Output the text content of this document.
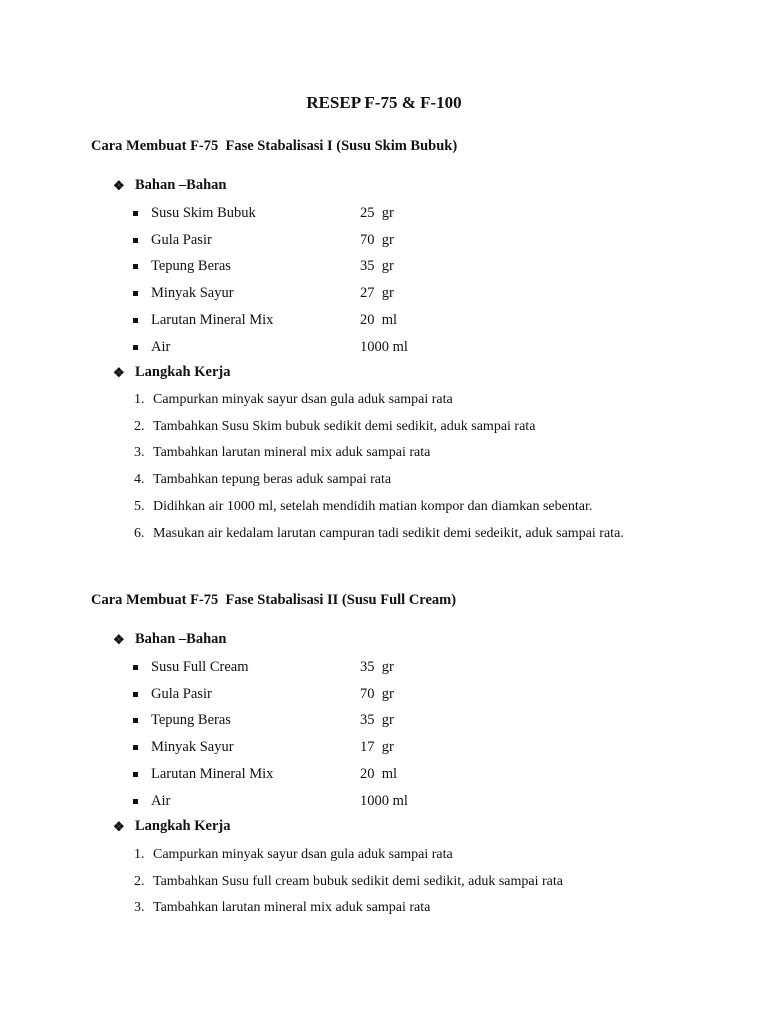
RESEP F-75 & F-100
Cara Membuat F-75  Fase Stabalisasi I (Susu Skim Bubuk)
❖ Bahan –Bahan
Susu Skim Bubuk	25  gr
Gula Pasir	70  gr
Tepung Beras	35  gr
Minyak Sayur	27  gr
Larutan Mineral Mix	20  ml
Air	1000 ml
❖ Langkah Kerja
1. Campurkan minyak sayur dsan gula aduk sampai rata
2. Tambahkan Susu Skim bubuk sedikit demi sedikit, aduk sampai rata
3. Tambahkan larutan mineral mix aduk sampai rata
4. Tambahkan tepung beras aduk sampai rata
5. Didihkan air 1000 ml, setelah mendidih matian kompor dan diamkan sebentar.
6. Masukan air kedalam larutan campuran tadi sedikit demi sedeikit, aduk sampai rata.
Cara Membuat F-75  Fase Stabalisasi II (Susu Full Cream)
❖ Bahan –Bahan
Susu Full Cream	35  gr
Gula Pasir	70  gr
Tepung Beras	35  gr
Minyak Sayur	17  gr
Larutan Mineral Mix	20  ml
Air	1000 ml
❖ Langkah Kerja
1. Campurkan minyak sayur dsan gula aduk sampai rata
2. Tambahkan Susu full cream bubuk sedikit demi sedikit, aduk sampai rata
3. Tambahkan larutan mineral mix aduk sampai rata
